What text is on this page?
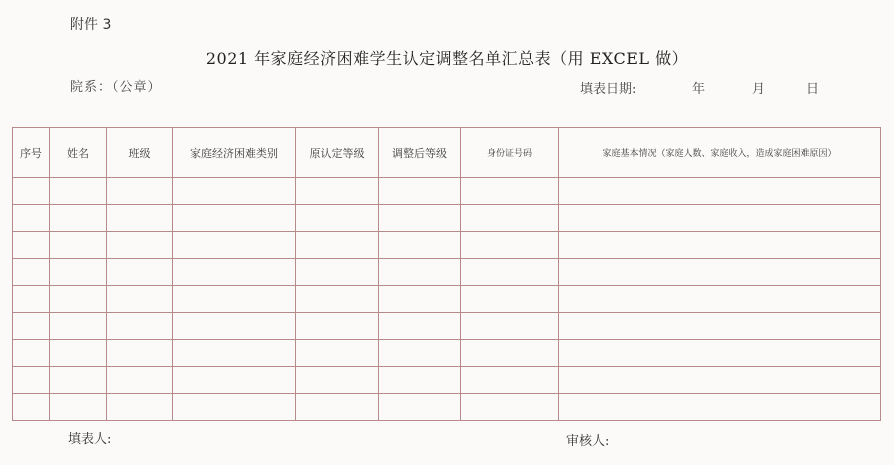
附件 3
2021 年家庭经济困难学生认定调整名单汇总表（用 EXCEL 做）
院系：（公章）	填表日期:	年	月	日
序号	姓名	班级	家庭经济困难类别	原认定等级	调整后等级	身份证号码	家庭基本情况（家庭人数、家庭收入，造成家庭困难原因）

填表人:	审核人:
